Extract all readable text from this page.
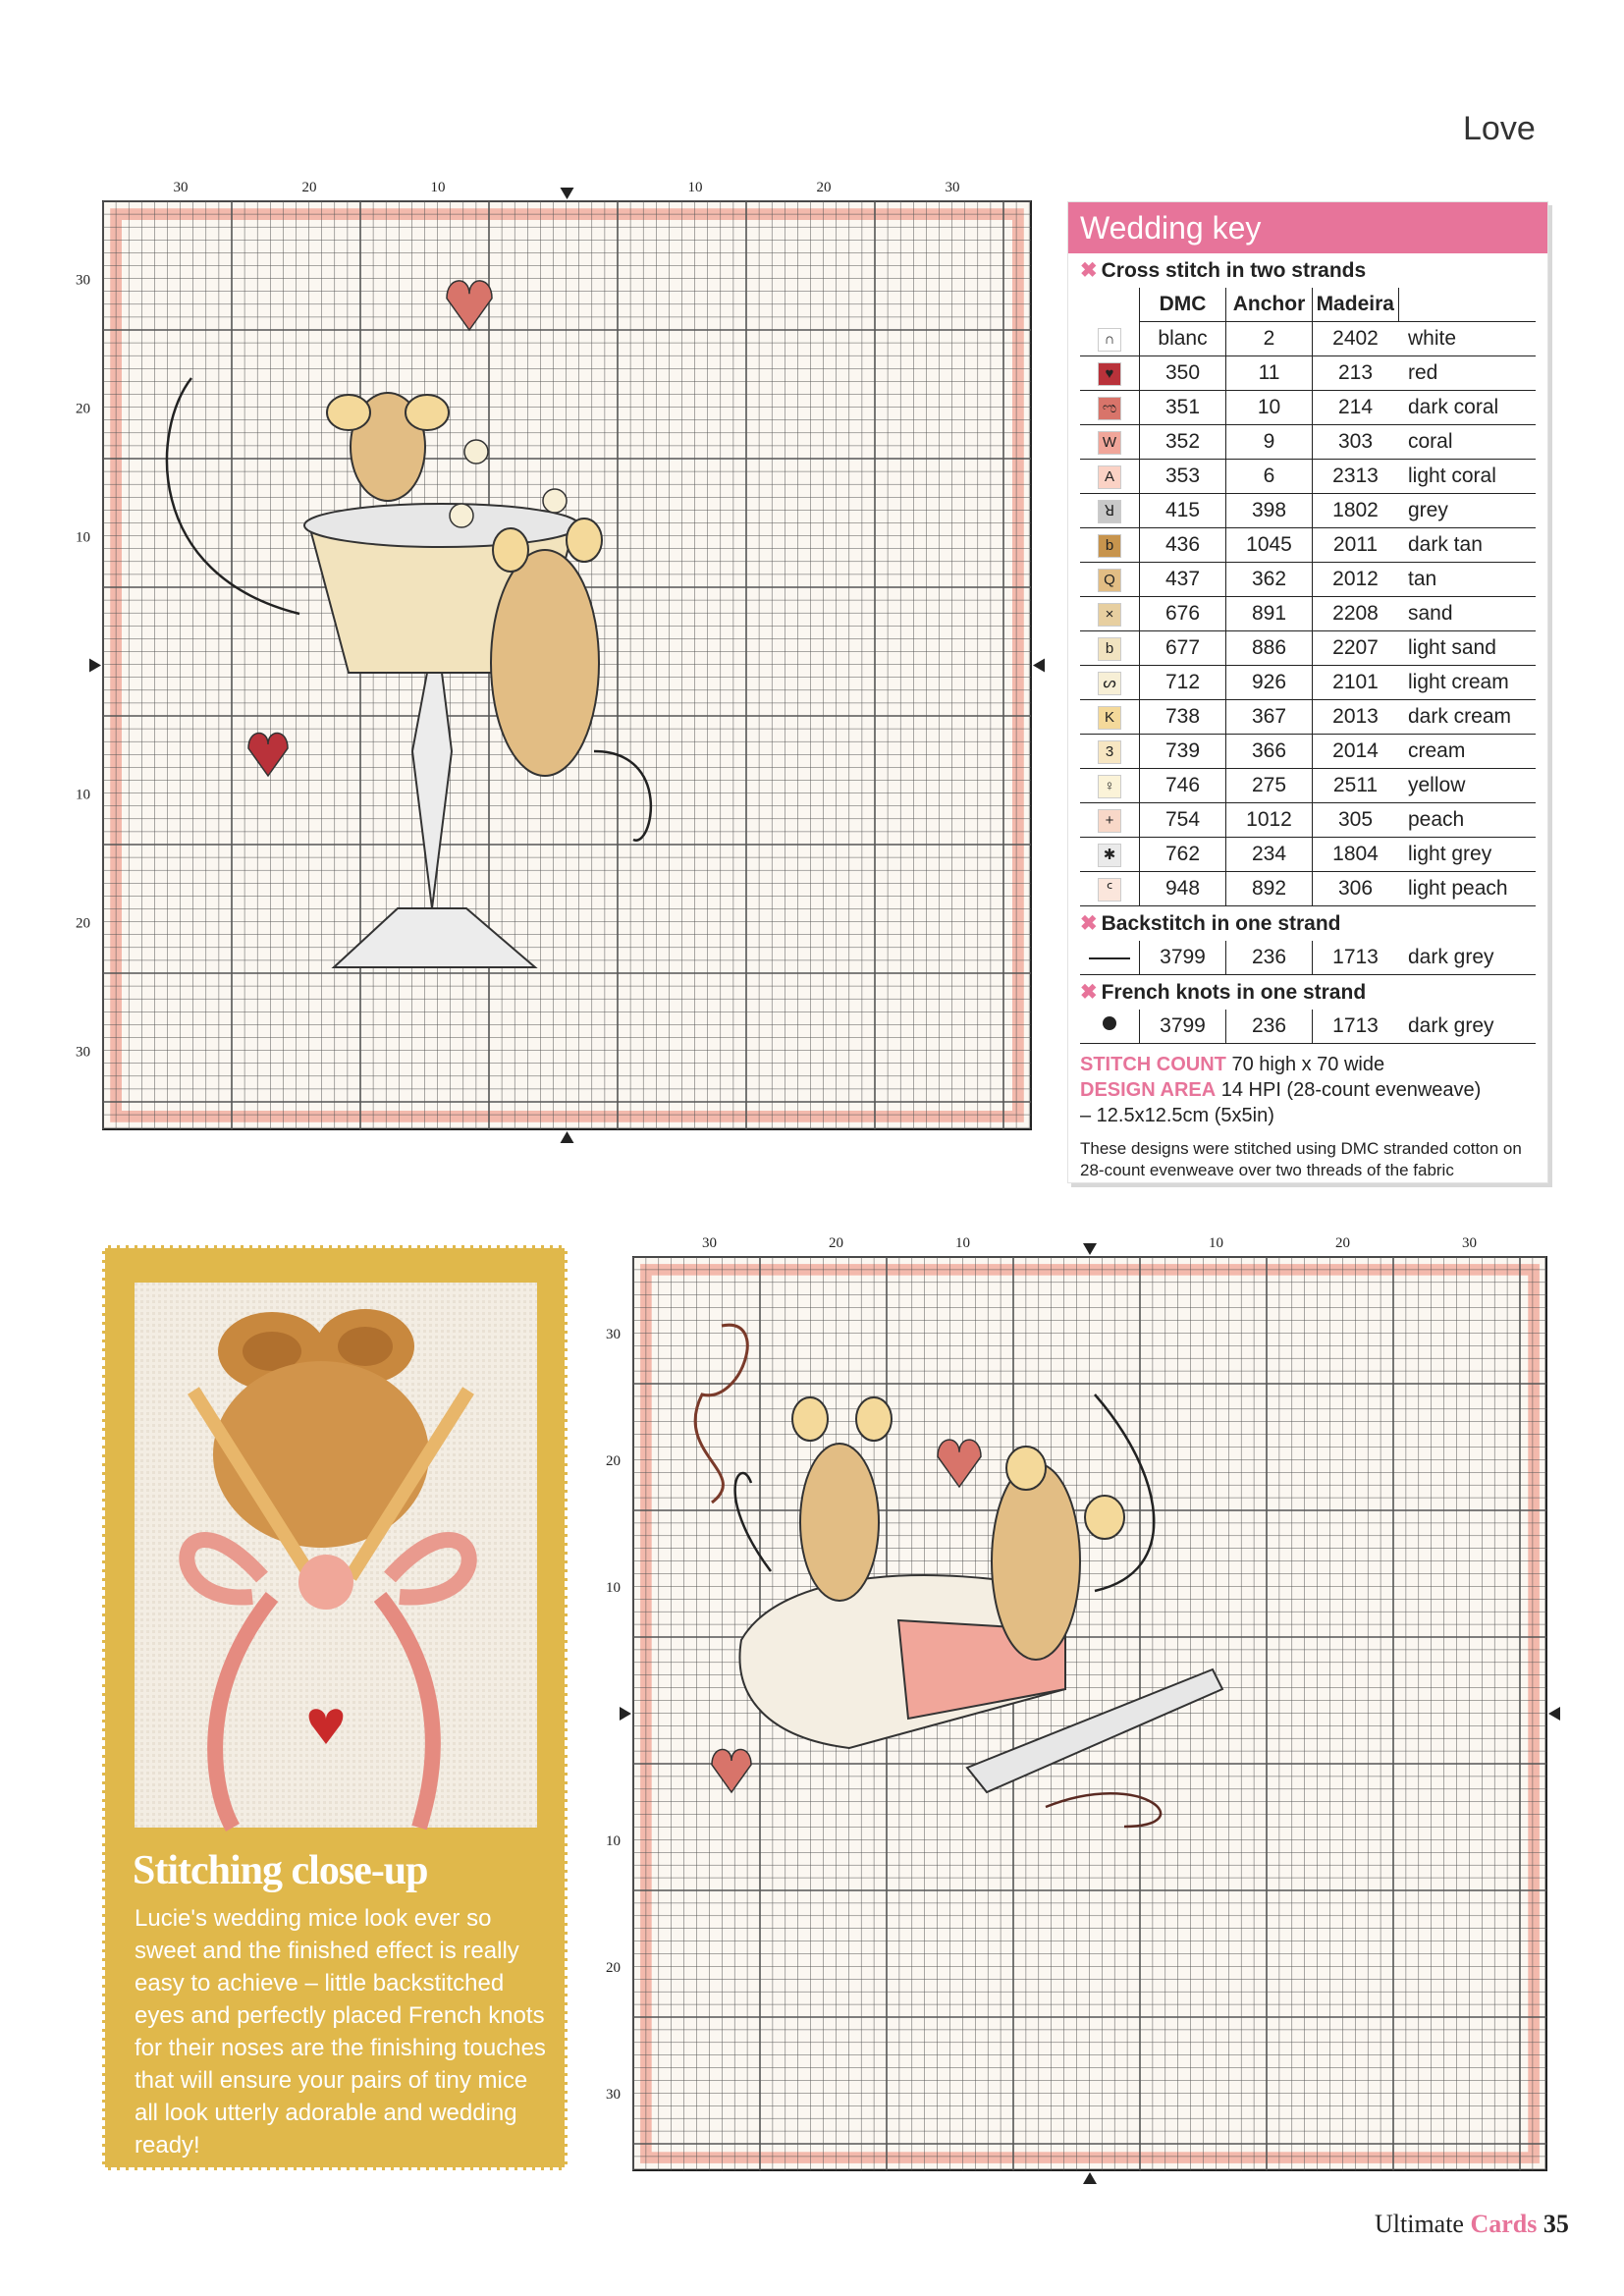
Love
30	20	10	10	20	30
30
20
10
10
20
30
Wedding key
✖ Cross stitch in two strands
	DMC	Anchor	Madeira	
∩	blanc	2	2402	white
♥	350	11	213	red
ಌ	351	10	214	dark coral
W	352	9	303	coral
A	353	6	2313	light coral
ꓤ	415	398	1802	grey
b	436	1045	2011	dark tan
Q	437	362	2012	tan
×	676	891	2208	sand
b	677	886	2207	light sand
ᔕ	712	926	2101	light cream
K	738	367	2013	dark cream
3	739	366	2014	cream
♀	746	275	2511	yellow
+	754	1012	305	peach
✱	762	234	1804	light grey
ᑦ	948	892	306	light peach
✖ Backstitch in one strand
	3799	236	1713	dark grey
✖ French knots in one strand
	3799	236	1713	dark grey
STITCH COUNT 70 high x 70 wide
DESIGN AREA 14 HPI (28-count evenweave)
– 12.5x12.5cm (5x5in)
These designs were stitched using DMC stranded cotton on 28-count evenweave over two threads of the fabric
Stitching close-up
Lucie's wedding mice look ever so sweet and the finished effect is really easy to achieve – little backstitched eyes and perfectly placed French knots for their noses are the finishing touches that will ensure your pairs of tiny mice all look utterly adorable and wedding ready!
30	20	10	10	20	30
30
20
10
10
20
30
Ultimate Cards 35
